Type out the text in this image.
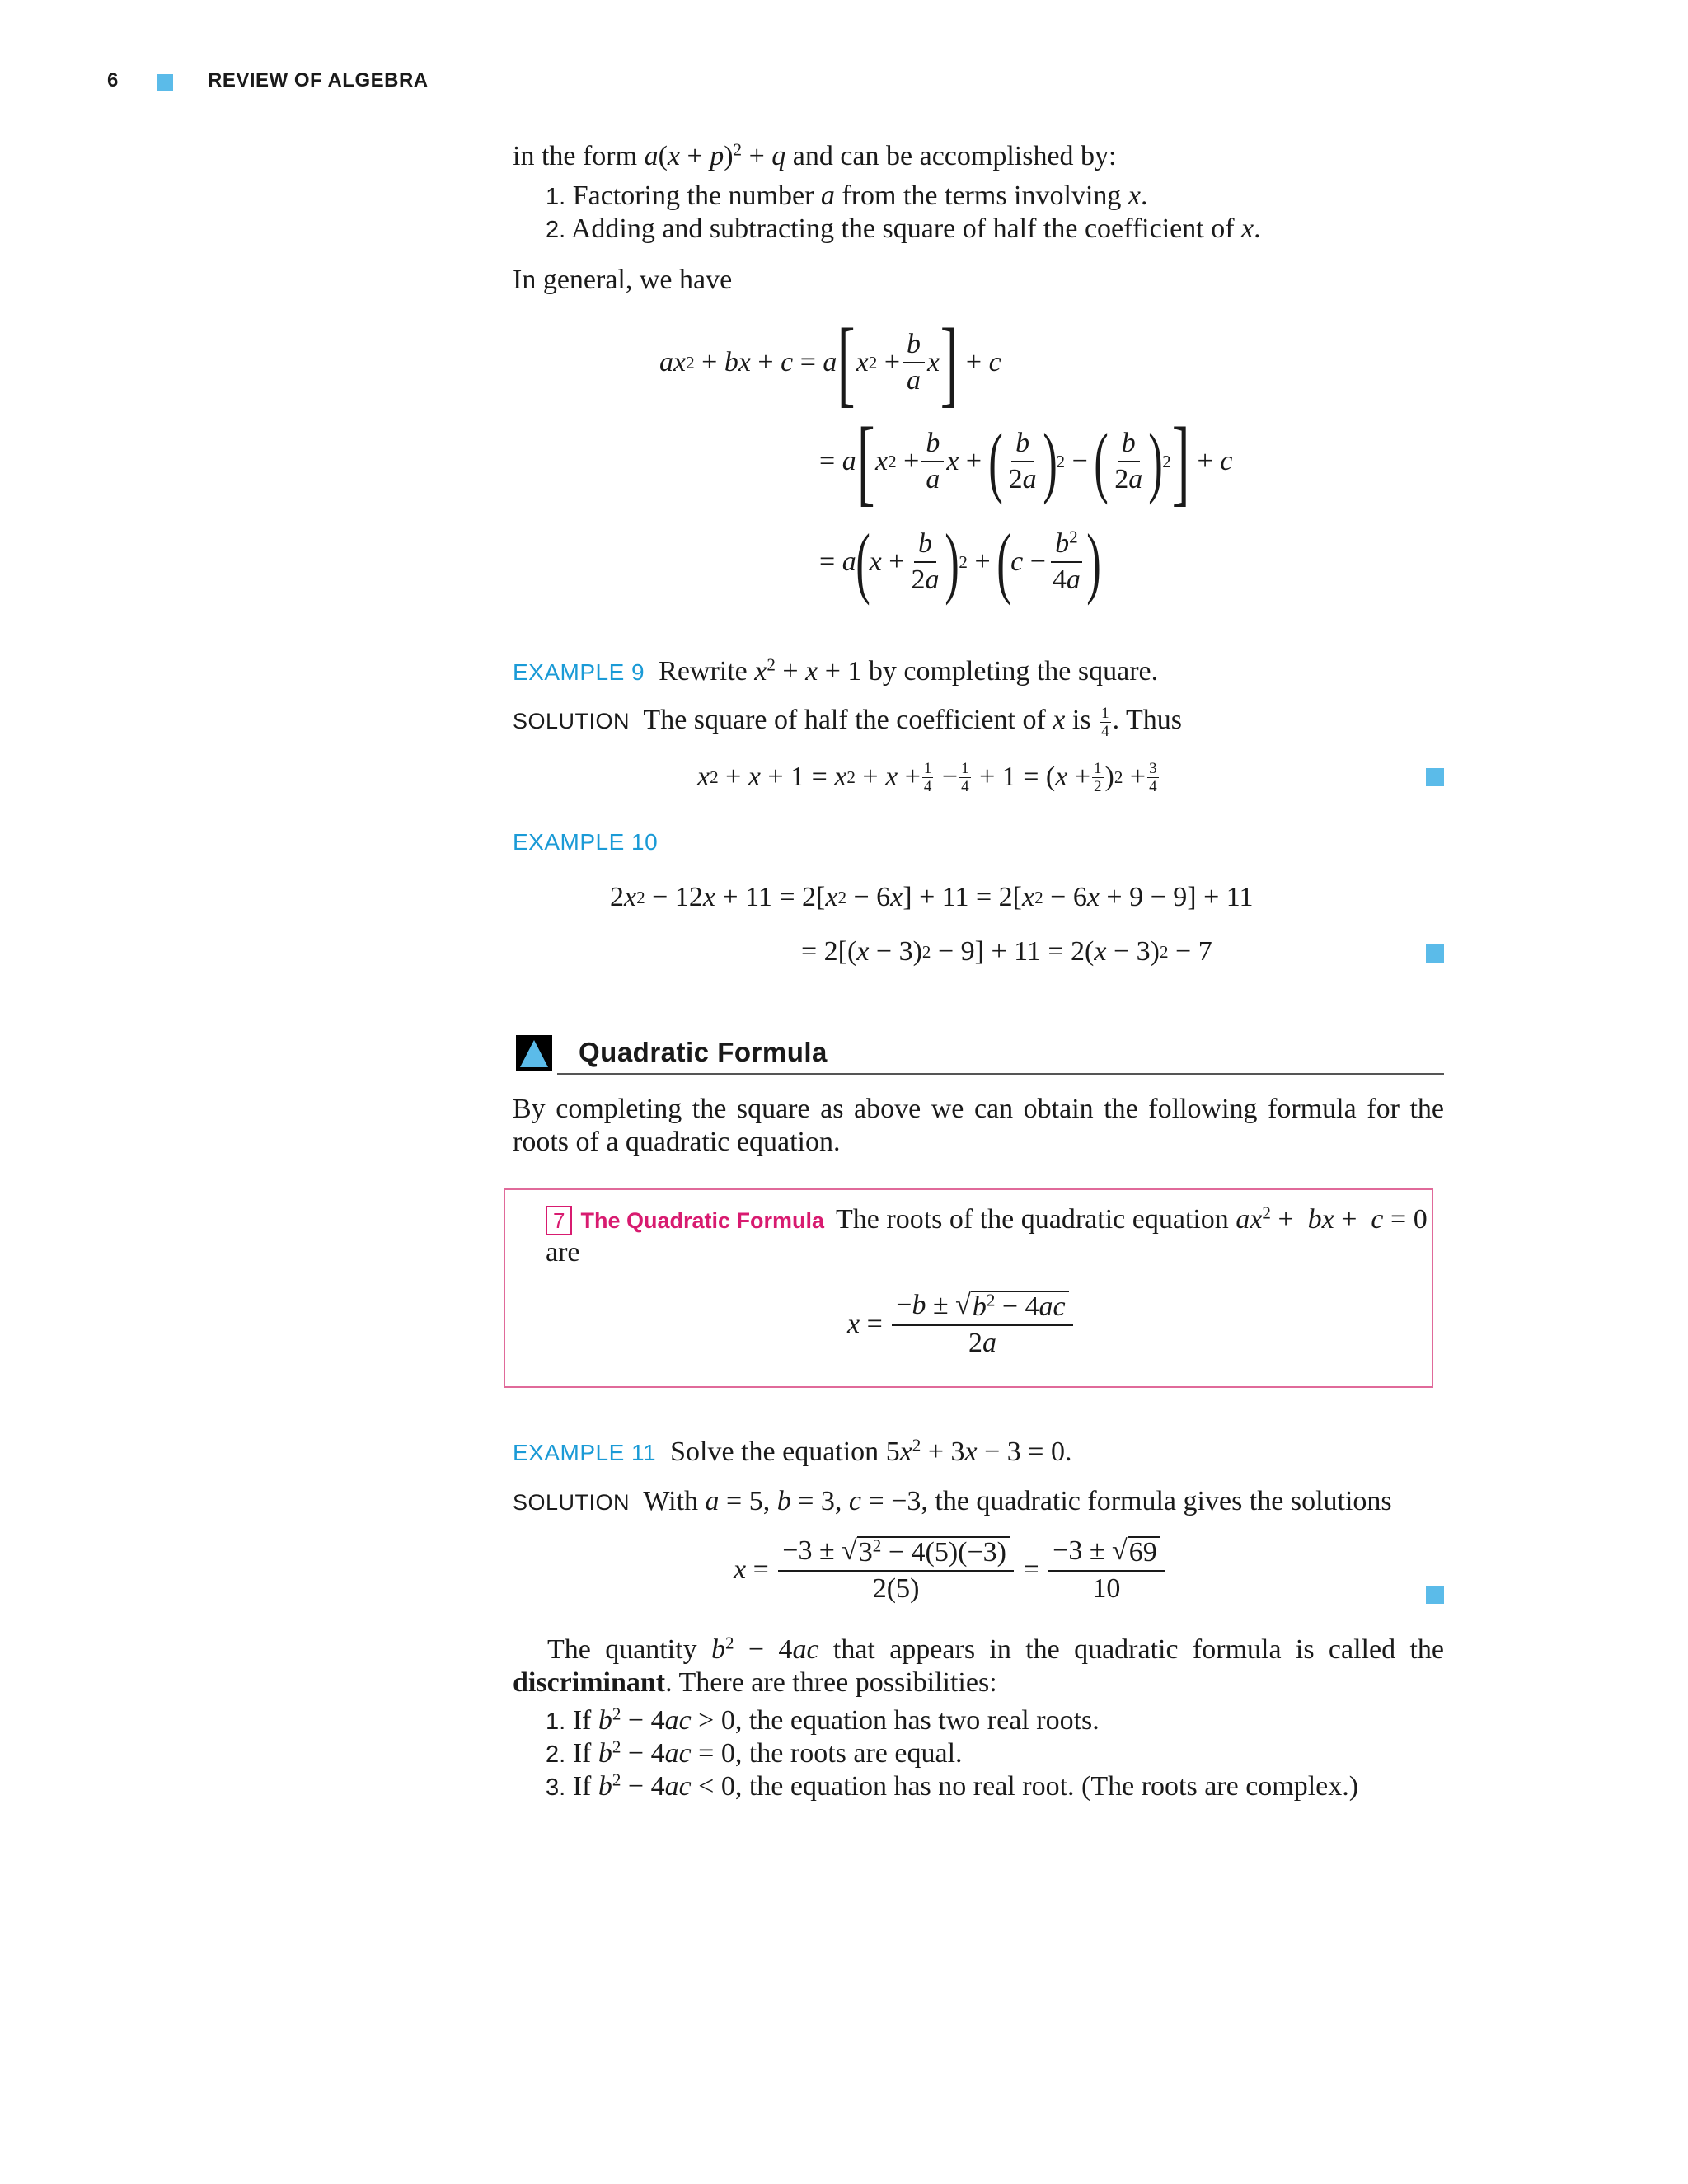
6	REVIEW OF ALGEBRA
in the form $a(x + p)^2 + q$ and can be accomplished by:
1. Factoring the number a from the terms involving x.
2. Adding and subtracting the square of half the coefficient of x.
In general, we have
ax 2 + bx + c = a [ x $2 + \frac{b}{a}$ x ] + c
= a [ x $2 + \frac{b}{a}$ x + ( $\frac{b}{2a}$ ) 2 − ( $\frac{b}{2a}$ ) 2 ] + c
= a ( $x + \frac{b}{2a}$ ) 2 + ( $c - \frac{b^2}{4a}$ )
EXAMPLE 9 Rewrite $x^2 + x + 1$ by completing the square.
SOLUTION The square of half the coefficient of x is $\frac{1}{4}$ . Thus
x 2 + x + 1 = x $2 + x + \frac{1}{4} - \frac{1}{4} + 1$ = ( $x + \frac{1}{2}$ ) $2 + \frac{3}{4}$
EXAMPLE 10
2 x 2 − 12 x + 11 = 2[ x 2 − 6 x ] + 11 = 2[ x 2 − 6 x + 9 − 9] + 11
= 2[( x − 3) 2 − 9] + 11 = 2( x − 3) 2 − 7
Quadratic Formula
By completing the square as above we can obtain the following formula for the roots of a quadratic equation.
7 The Quadratic Formula The roots of the quadratic equation $ax^2$ +  bx +  c = 0
are
$x = \frac{-b \pm √ b^2 - 4ac}{2a}$
EXAMPLE 11 Solve the equation $5x^2 + 3x - 3 = 0$.
SOLUTION  With a = 5, b = 3, c = −3, the quadratic formula gives the solutions
$x = \frac{-3 \pm √ 3^2 - 4(5)(-3)}{2(5)} = \frac{-3 \pm √ 69}{10}$
The quantity $b^2 - 4ac$ that appears in the quadratic formula is called the discriminant. There are three possibilities:
1. If $b^2 - 4ac > 0$, the equation has two real roots.
2. If $b^2 - 4ac = 0$, the roots are equal.
3. If $b^2 - 4ac < 0$, the equation has no real root. (The roots are complex.)
